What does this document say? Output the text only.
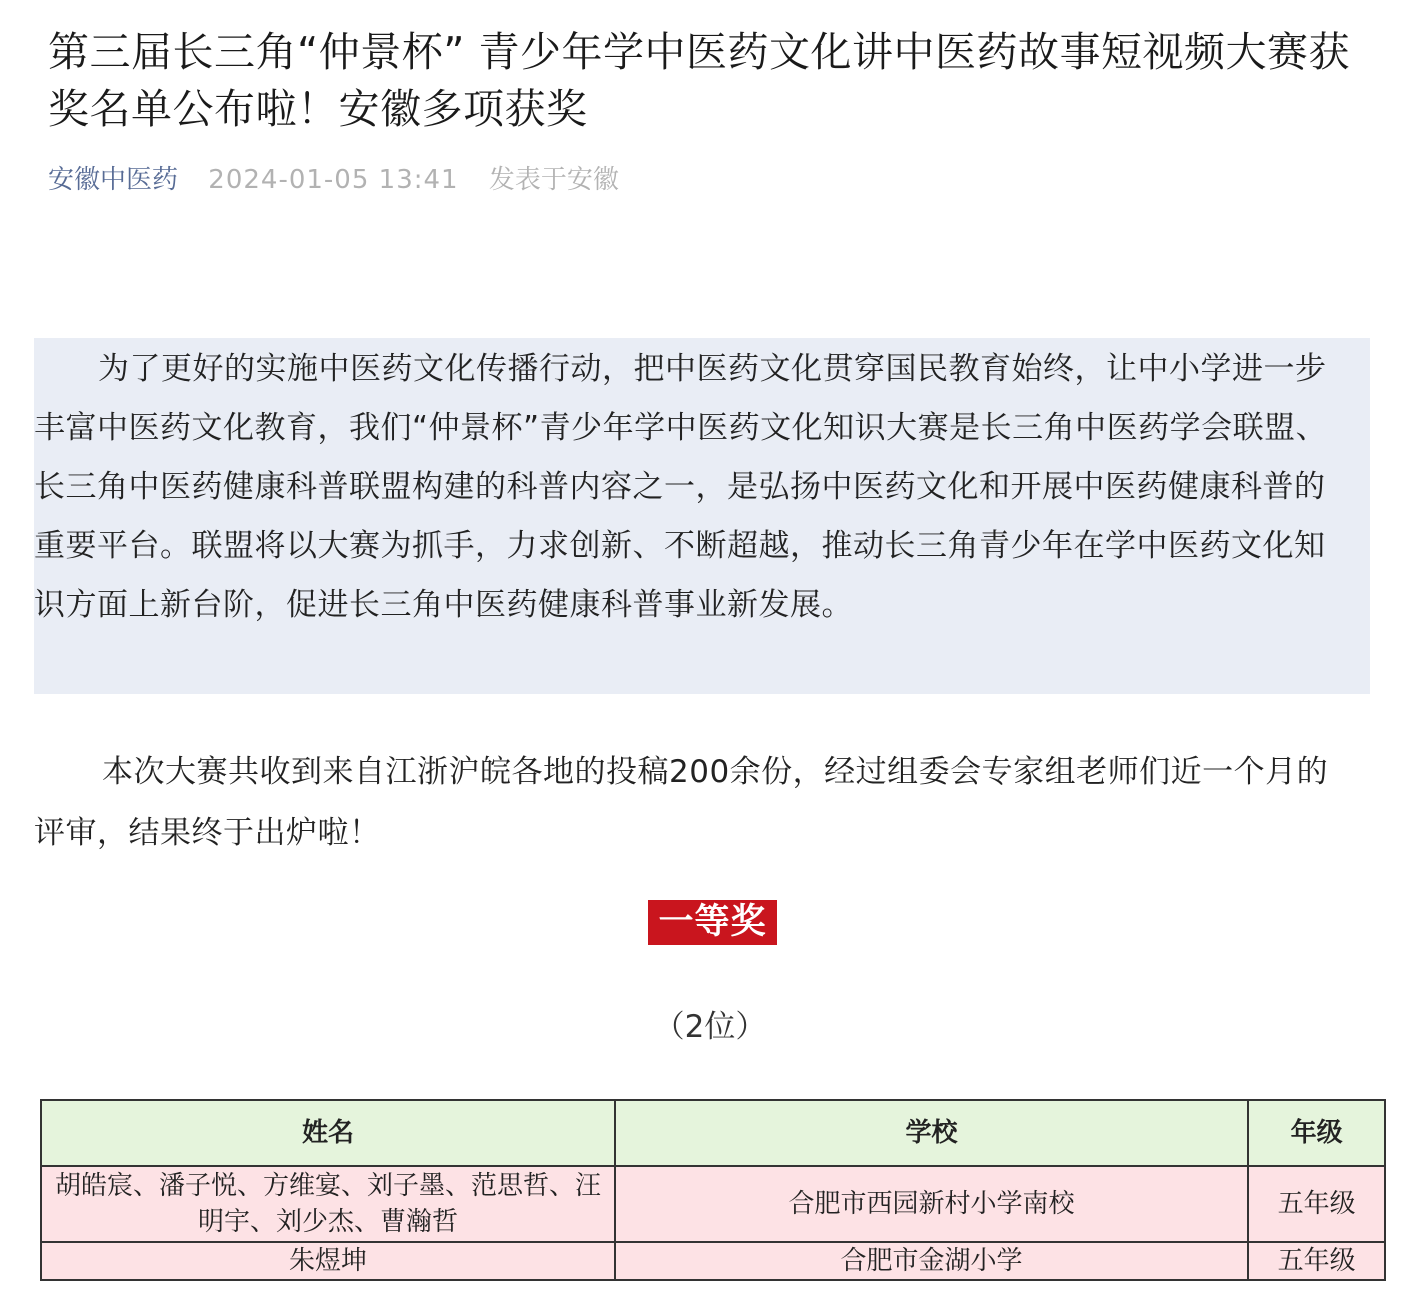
第三届长三角“仲景杯” 青少年学中医药文化讲中医药故事短视频大赛获奖名单公布啦！安徽多项获奖
安徽中医药 2024-01-05 13:41 发表于安徽

为了更好的实施中医药文化传播行动，把中医药文化贯穿国民教育始终，让中小学进一步丰富中医药文化教育，我们“仲景杯”青少年学中医药文化知识大赛是长三角中医药学会联盟、长三角中医药健康科普联盟构建的科普内容之一，是弘扬中医药文化和开展中医药健康科普的重要平台。联盟将以大赛为抓手，力求创新、不断超越，推动长三角青少年在学中医药文化知识方面上新台阶，促进长三角中医药健康科普事业新发展。

本次大赛共收到来自江浙沪皖各地的投稿200余份，经过组委会专家组老师们近一个月的评审，结果终于出炉啦！

一等奖
（2位）
姓名	学校	年级
胡皓宸、潘子悦、方维宴、刘子墨、范思哲、汪明宇、刘少杰、曹瀚哲	合肥市西园新村小学南校	五年级
朱煜坤	合肥市金湖小学	五年级
